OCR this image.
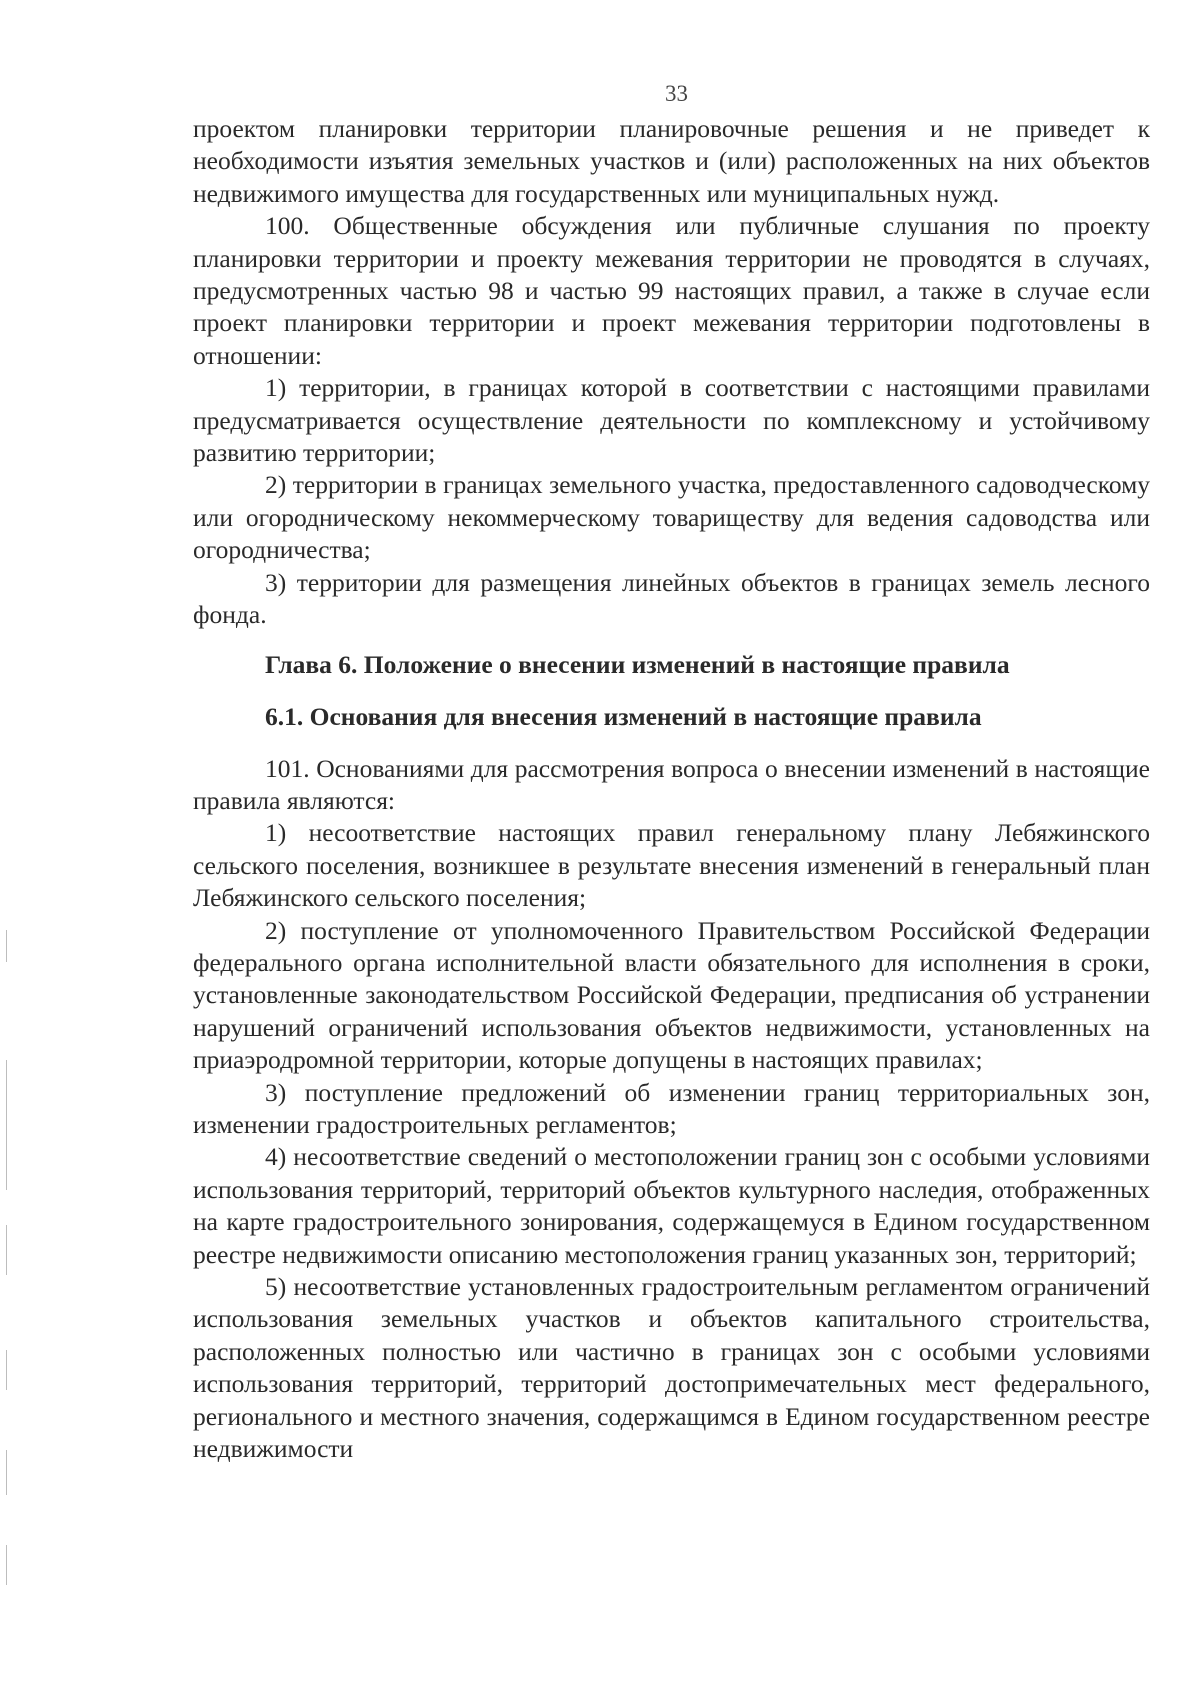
33

проектом планировки территории планировочные решения и не приведет к необходимости изъятия земельных участков и (или) расположенных на них объектов недвижимого имущества для государственных или муниципальных нужд.

100. Общественные обсуждения или публичные слушания по проекту планировки территории и проекту межевания территории не проводятся в случаях, предусмотренных частью 98 и частью 99 настоящих правил, а также в случае если проект планировки территории и проект межевания территории подготовлены в отношении:

1) территории, в границах которой в соответствии с настоящими правилами предусматривается осуществление деятельности по комплексному и устойчивому развитию территории;

2) территории в границах земельного участка, предоставленного садоводческому или огородническому некоммерческому товариществу для ведения садоводства или огородничества;

3) территории для размещения линейных объектов в границах земель лесного фонда.

Глава 6. Положение о внесении изменений в настоящие правила
6.1. Основания для внесения изменений в настоящие правила

101. Основаниями для рассмотрения вопроса о внесении изменений в настоящие правила являются:

1) несоответствие настоящих правил генеральному плану Лебяжинского сельского поселения, возникшее в результате внесения изменений в генеральный план Лебяжинского сельского поселения;

2) поступление от уполномоченного Правительством Российской Федерации федерального органа исполнительной власти обязательного для исполнения в сроки, установленные законодательством Российской Федерации, предписания об устранении нарушений ограничений использования объектов недвижимости, установленных на приаэродромной территории, которые допущены в настоящих правилах;

3) поступление предложений об изменении границ территориальных зон, изменении градостроительных регламентов;

4) несоответствие сведений о местоположении границ зон с особыми условиями использования территорий, территорий объектов культурного наследия, отображенных на карте градостроительного зонирования, содержащемуся в Едином государственном реестре недвижимости описанию местоположения границ указанных зон, территорий;

5) несоответствие установленных градостроительным регламентом ограничений использования земельных участков и объектов капитального строительства, расположенных полностью или частично в границах зон с особыми условиями использования территорий, территорий достопримечательных мест федерального, регионального и местного значения, содержащимся в Едином государственном реестре недвижимости
